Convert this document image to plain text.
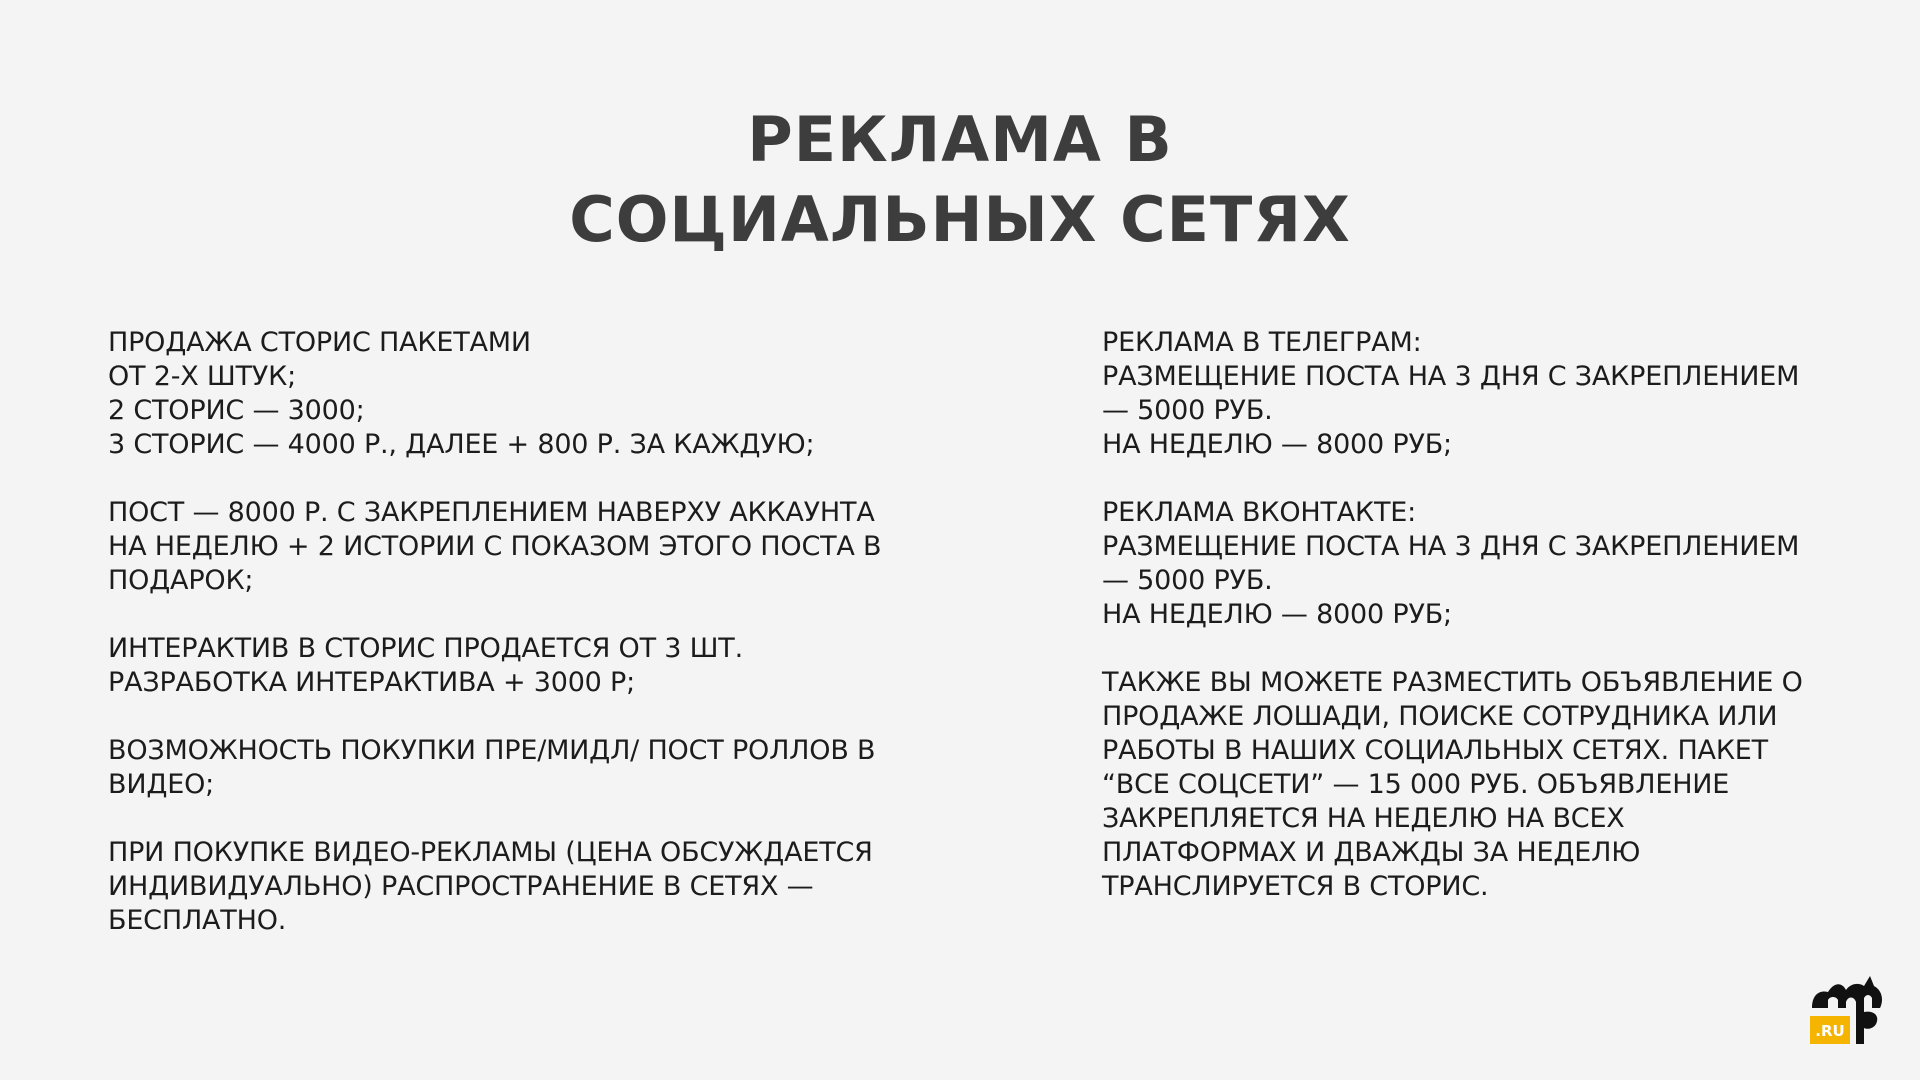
РЕКЛАМА В
СОЦИАЛЬНЫХ СЕТЯХ

ПРОДАЖА СТОРИС ПАКЕТАМИ
ОТ 2-Х ШТУК;
2 СТОРИС — 3000;
3 СТОРИС — 4000 Р., ДАЛЕЕ + 800 Р. ЗА КАЖДУЮ;

ПОСТ — 8000 Р. С ЗАКРЕПЛЕНИЕМ НАВЕРХУ АККАУНТА
НА НЕДЕЛЮ + 2 ИСТОРИИ С ПОКАЗОМ ЭТОГО ПОСТА В
ПОДАРОК;

ИНТЕРАКТИВ В СТОРИС ПРОДАЕТСЯ ОТ 3 ШТ.
РАЗРАБОТКА ИНТЕРАКТИВА + 3000 Р;

ВОЗМОЖНОСТЬ ПОКУПКИ ПРЕ/МИДЛ/ ПОСТ РОЛЛОВ В
ВИДЕО;

ПРИ ПОКУПКЕ ВИДЕО-РЕКЛАМЫ (ЦЕНА ОБСУЖДАЕТСЯ
ИНДИВИДУАЛЬНО) РАСПРОСТРАНЕНИЕ В СЕТЯХ —
БЕСПЛАТНО.

РЕКЛАМА В ТЕЛЕГРАМ:
РАЗМЕЩЕНИЕ ПОСТА НА 3 ДНЯ С ЗАКРЕПЛЕНИЕМ
— 5000 РУБ.
НА НЕДЕЛЮ — 8000 РУБ;

РЕКЛАМА ВКОНТАКТЕ:
РАЗМЕЩЕНИЕ ПОСТА НА 3 ДНЯ С ЗАКРЕПЛЕНИЕМ
— 5000 РУБ.
НА НЕДЕЛЮ — 8000 РУБ;

ТАКЖЕ ВЫ МОЖЕТЕ РАЗМЕСТИТЬ ОБЪЯВЛЕНИЕ О
ПРОДАЖЕ ЛОШАДИ, ПОИСКЕ СОТРУДНИКА ИЛИ
РАБОТЫ В НАШИХ СОЦИАЛЬНЫХ СЕТЯХ. ПАКЕТ
“ВСЕ СОЦСЕТИ” — 15 000 РУБ. ОБЪЯВЛЕНИЕ
ЗАКРЕПЛЯЕТСЯ НА НЕДЕЛЮ НА ВСЕХ
ПЛАТФОРМАХ И ДВАЖДЫ ЗА НЕДЕЛЮ
ТРАНСЛИРУЕТСЯ В СТОРИС.

.RU
